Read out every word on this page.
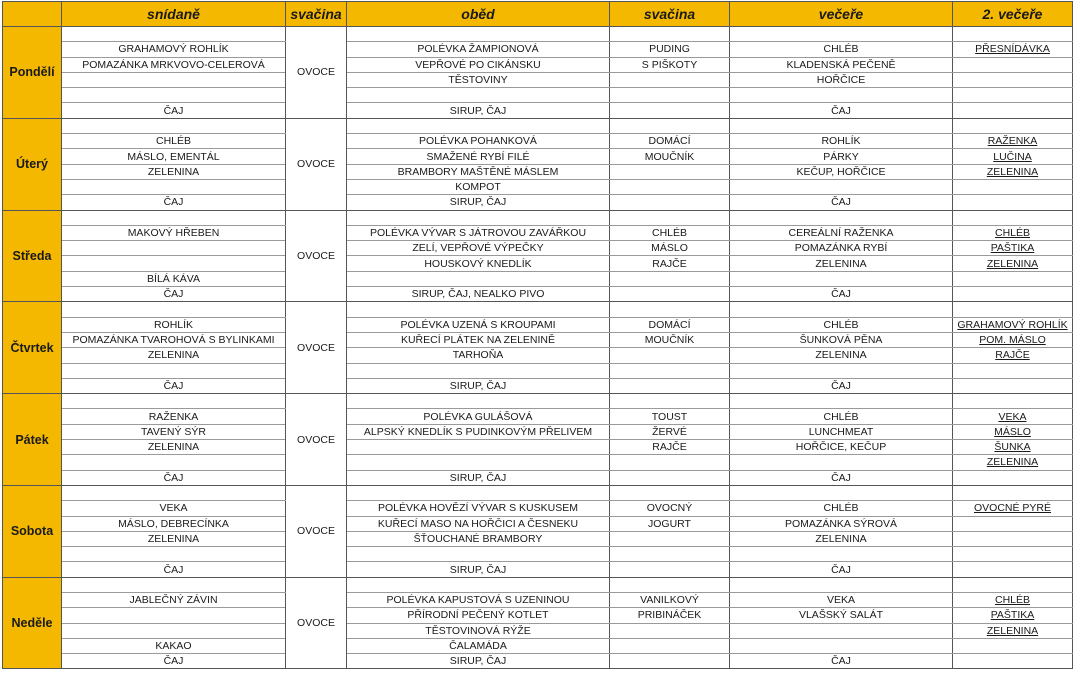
	snídaně	svačina	oběd	svačina	večeře	2. večeře
Pondělí		OVOCE				
	GRAHAMOVÝ ROHLÍK		POLÉVKA ŽAMPIONOVÁ	PUDING	CHLÉB	PŘESNÍDÁVKA
	POMAZÁNKA MRKVOVO-CELEROVÁ		VEPŘOVÉ PO CIKÁNSKU	S PIŠKOTY	KLADENSKÁ PEČENĚ	
			TĚSTOVINY		HOŘČICE	

	ČAJ		SIRUP, ČAJ		ČAJ	
Úterý		OVOCE				
	CHLÉB		POLÉVKA POHANKOVÁ	DOMÁCÍ	ROHLÍK	RAŽENKA
	MÁSLO, EMENTÁL		SMAŽENÉ RYBÍ FILÉ	MOUČNÍK	PÁRKY	LUČINA
	ZELENINA		BRAMBORY MAŠTĚNÉ MÁSLEM		KEČUP, HOŘČICE	ZELENINA
			KOMPOT			
	ČAJ		SIRUP, ČAJ		ČAJ	
Středa		OVOCE				
	MAKOVÝ HŘEBEN		POLÉVKA VÝVAR S JÁTROVOU ZAVÁŘKOU	CHLÉB	CEREÁLNÍ RAŽENKA	CHLÉB
			ZELÍ, VEPŘOVÉ VÝPEČKY	MÁSLO	POMAZÁNKA RYBÍ	PAŠTIKA
			HOUSKOVÝ KNEDLÍK	RAJČE	ZELENINA	ZELENINA
	BÍLÁ KÁVA					
	ČAJ		SIRUP, ČAJ, NEALKO PIVO		ČAJ	
Čtvrtek		OVOCE				
	ROHLÍK		POLÉVKA UZENÁ S KROUPAMI	DOMÁCÍ	CHLÉB	GRAHAMOVÝ ROHLÍK
	POMAZÁNKA TVAROHOVÁ S BYLINKAMI		KUŘECÍ PLÁTEK NA ZELENINĚ	MOUČNÍK	ŠUNKOVÁ PĚNA	POM. MÁSLO
	ZELENINA		TARHOŇA		ZELENINA	RAJČE

	ČAJ		SIRUP, ČAJ		ČAJ	
Pátek		OVOCE				
	RAŽENKA		POLÉVKA GULÁŠOVÁ	TOUST	CHLÉB	VEKA
	TAVENÝ SÝR		ALPSKÝ KNEDLÍK S PUDINKOVÝM PŘELIVEM	ŽERVÉ	LUNCHMEAT	MÁSLO
	ZELENINA			RAJČE	HOŘČICE, KEČUP	ŠUNKA
						ZELENINA
	ČAJ		SIRUP, ČAJ		ČAJ	
Sobota		OVOCE				
	VEKA		POLÉVKA HOVĚZÍ VÝVAR S KUSKUSEM	OVOCNÝ	CHLÉB	OVOCNÉ PYRÉ
	MÁSLO, DEBRECÍNKA		KUŘECÍ MASO NA HOŘČICI A ČESNEKU	JOGURT	POMAZÁNKA SÝROVÁ	
	ZELENINA		ŠŤOUCHANÉ BRAMBORY		ZELENINA	

	ČAJ		SIRUP, ČAJ		ČAJ	
Neděle		OVOCE				
	JABLEČNÝ ZÁVIN		POLÉVKA KAPUSTOVÁ S UZENINOU	VANILKOVÝ	VEKA	CHLÉB
			PŘÍRODNÍ PEČENÝ KOTLET	PRIBINÁČEK	VLAŠSKÝ SALÁT	PAŠTIKA
			TĚSTOVINOVÁ RÝŽE			ZELENINA
	KAKAO		ČALAMÁDA			
	ČAJ		SIRUP, ČAJ		ČAJ	
